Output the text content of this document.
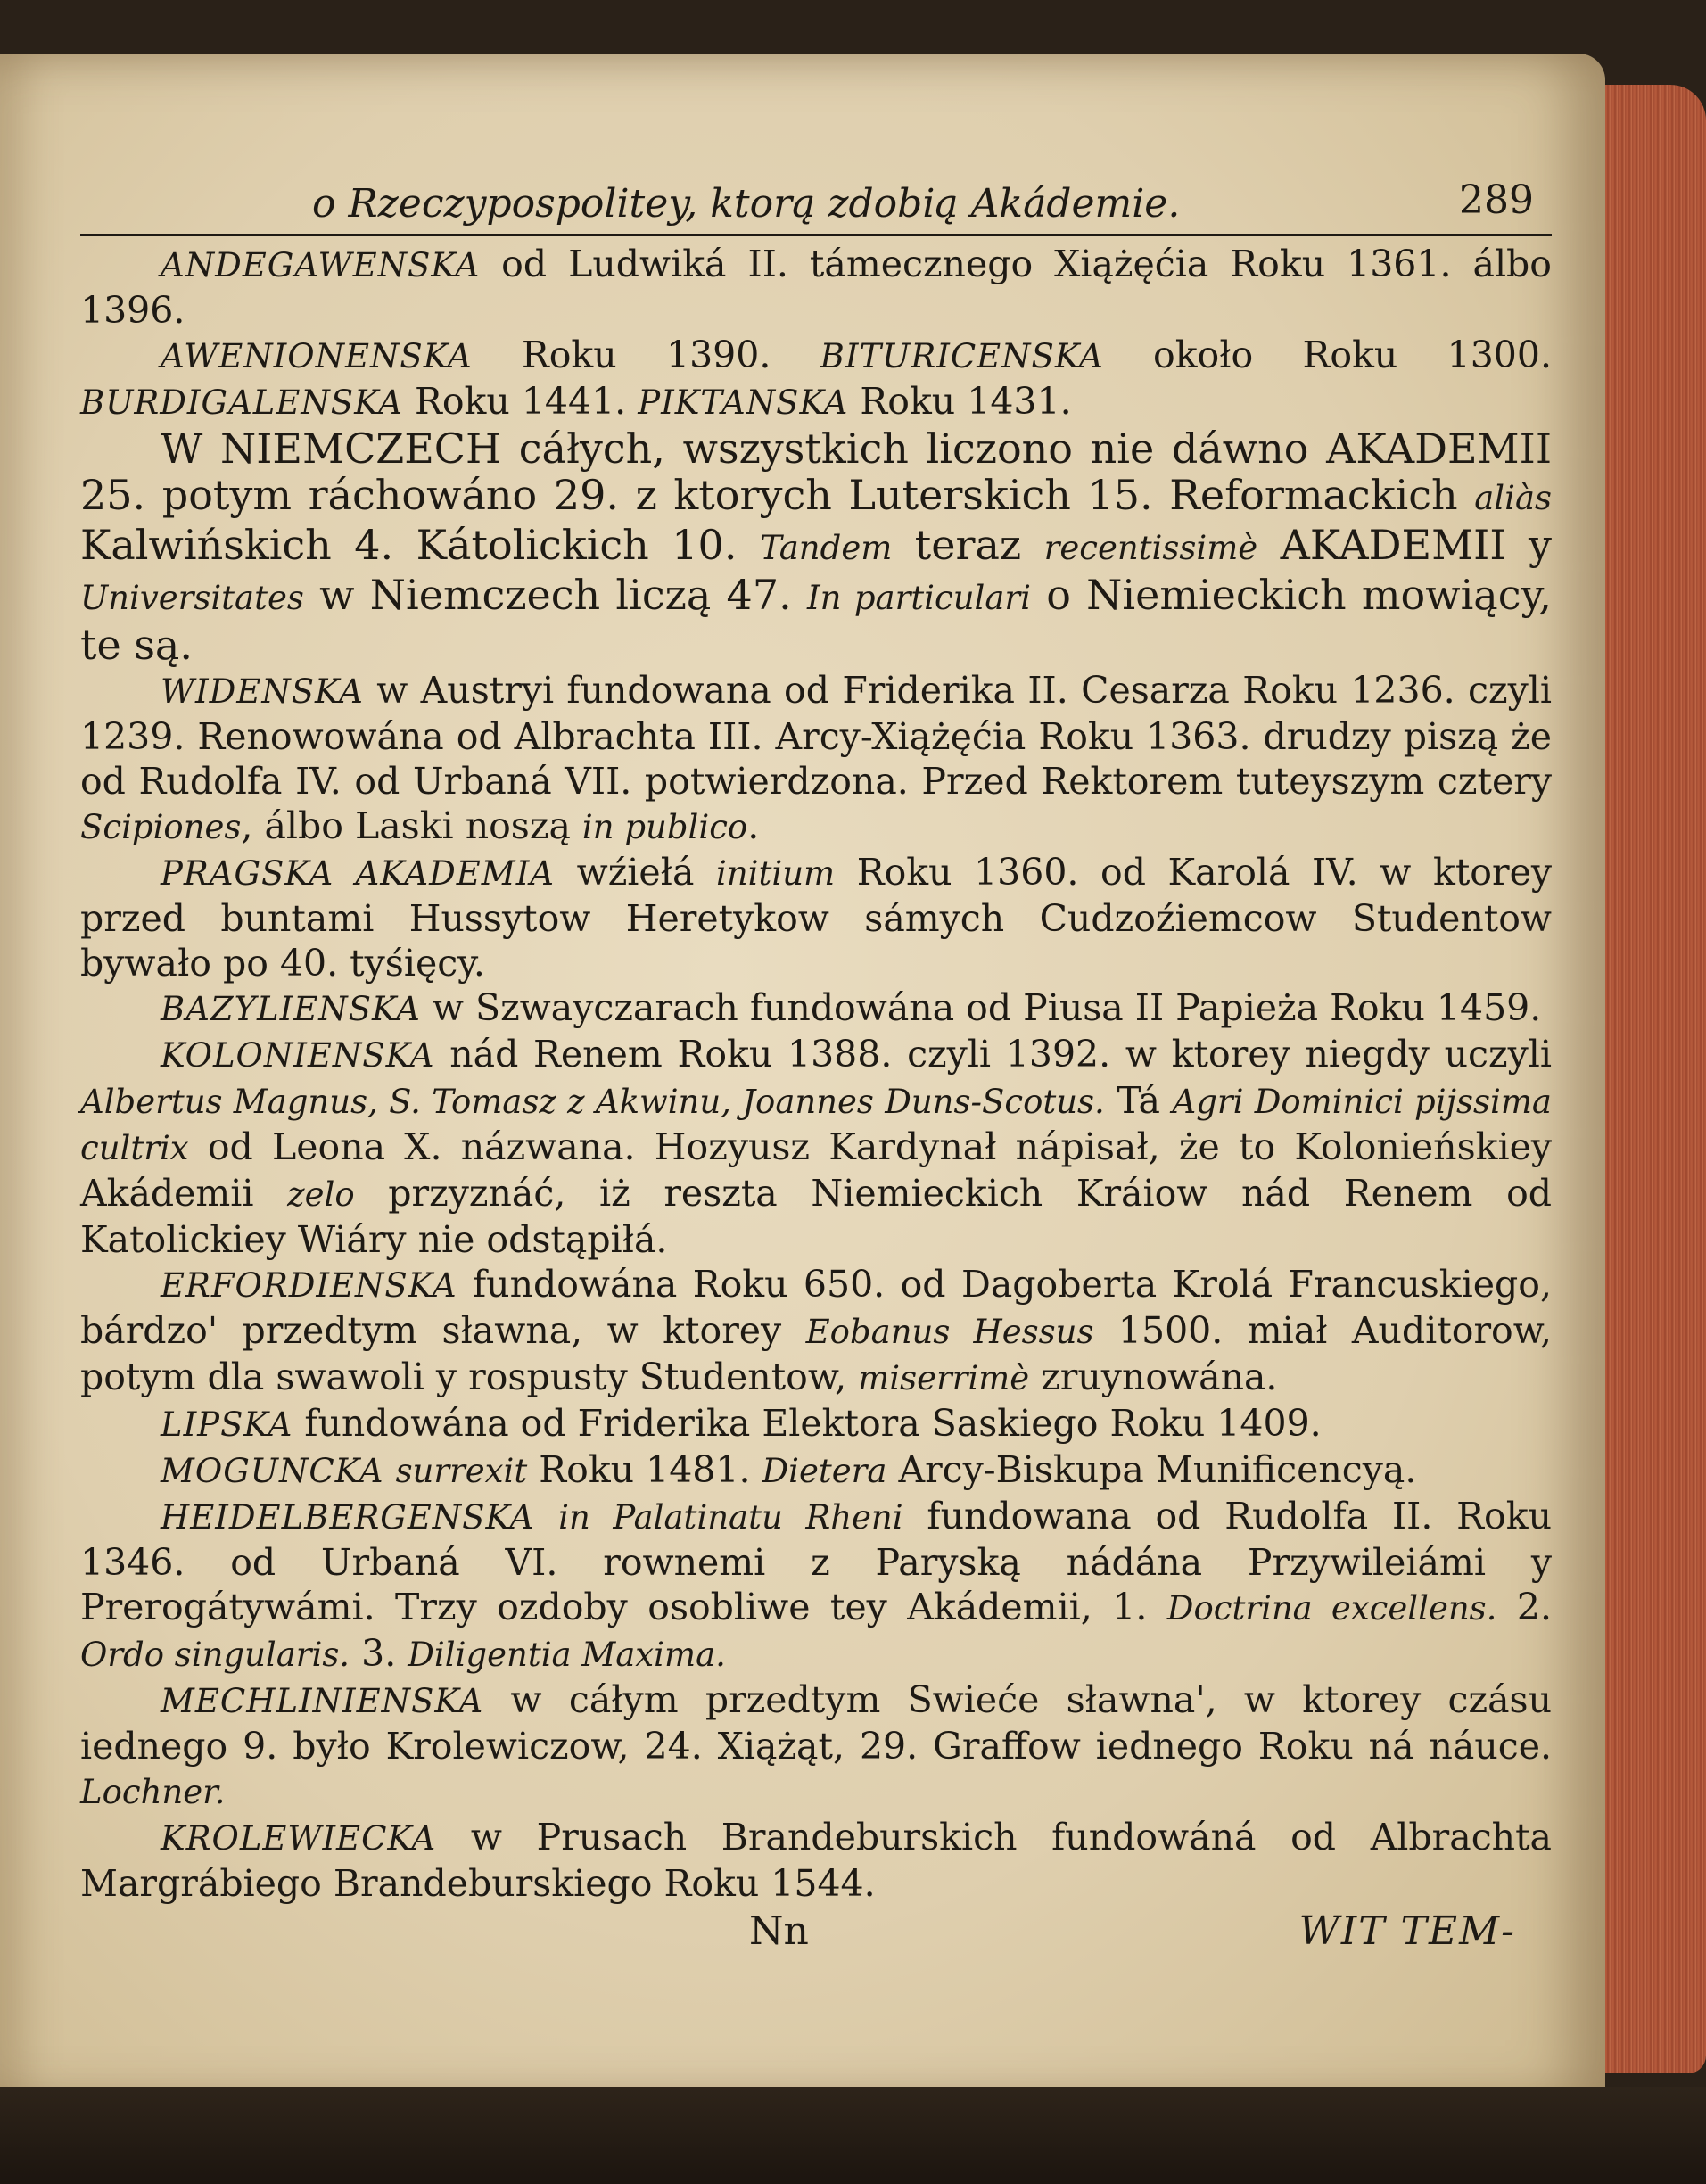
o Rzeczypospolitey, ktorą zdobią Akádemie.	289

ANDEGAWENSKA od Ludwiká II. támecznego Xiążęćia Roku 1361. álbo 1396.

AWENIONENSKA Roku 1390. BITURICENSKA około Roku 1300. BURDIGALENSKA Roku 1441. PIKTANSKA Roku 1431.

W NIEMCZECH cáłych, wszystkich liczono nie dáwno AKADEMII 25. potym ráchowáno 29. z ktorych Luterskich 15. Reformackich aliàs Kalwińskich 4. Kátolickich 10. Tandem teraz recentissimè AKADEMII y Universitates w Niemczech liczą 47. In particulari o Niemieckich mowiący, te są.

WIDENSKA w Austryi fundowana od Friderika II. Cesarza Roku 1236. czyli 1239. Renowowána od Albrachta III. Arcy-Xiążęćia Roku 1363. drudzy piszą że od Rudolfa IV. od Urbaná VII. potwierdzona. Przed Rektorem tuteyszym cztery Scipiones, álbo Laski noszą in publico.

PRAGSKA AKADEMIA wźiełá initium Roku 1360. od Karolá IV. w ktorey przed buntami Hussytow Heretykow sámych Cudzoźiemcow Studentow bywało po 40. tyśięcy.

BAZYLIENSKA w Szwayczarach fundowána od Piusa II Papieża Roku 1459.

KOLONIENSKA nád Renem Roku 1388. czyli 1392. w ktorey niegdy uczyli Albertus Magnus, S. Tomasz z Akwinu, Joannes Duns-Scotus. Tá Agri Dominici pijssima cultrix od Leona X. názwana. Hozyusz Kardynał nápisał, że to Kolonieńskiey Akádemii zelo przyznáć, iż reszta Niemieckich Kráiow nád Renem od Katolickiey Wiáry nie odstąpiłá.

ERFORDIENSKA fundowána Roku 650. od Dagoberta Krolá Francuskiego, bárdzo' przedtym sławna, w ktorey Eobanus Hessus 1500. miał Auditorow, potym dla swawoli y rospusty Studentow, miserrimè zruynowána.

LIPSKA fundowána od Friderika Elektora Saskiego Roku 1409.

MOGUNCKA surrexit Roku 1481. Dietera Arcy-Biskupa Munificencyą.

HEIDELBERGENSKA in Palatinatu Rheni fundowana od Rudolfa II. Roku 1346. od Urbaná VI. rownemi z Paryską nádána Przywileiámi y Prerogátywámi. Trzy ozdoby osobliwe tey Akádemii, 1. Doctrina excellens. 2. Ordo singularis. 3. Diligentia Maxima.

MECHLINIENSKA w cáłym przedtym Swieće sławna', w ktorey czásu iednego 9. było Krolewiczow, 24. Xiążąt, 29. Graffow iednego Roku ná náuce. Lochner.

KROLEWIECKA w Prusach Brandeburskich fundowáná od Albrachta Margrábiego Brandeburskiego Roku 1544.

Nn	WIT TEM-
